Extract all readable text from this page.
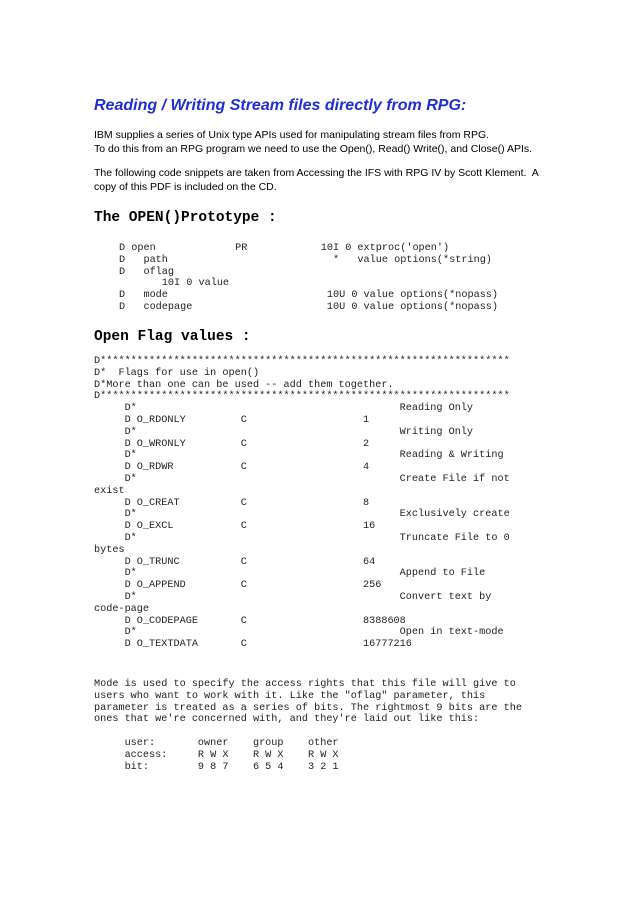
Reading / Writing Stream files directly from RPG:

IBM supplies a series of Unix type APIs used for manipulating stream files from RPG.

To do this from an RPG program we need to use the Open(), Read() Write(), and Close() APIs.

The following code snippets are taken from Accessing the IFS with RPG IV by Scott Klement.  A

copy of this PDF is included on the CD.

The OPEN()Prototype :
D open             PR            10I 0 extproc('open')
D   path                           *   value options(*string)
D   oflag
10I 0 value
D   mode                          10U 0 value options(*nopass)
D   codepage                      10U 0 value options(*nopass)
Open Flag values :
D*******************************************************************
D*  Flags for use in open()
D*More than one can be used -- add them together.
D*******************************************************************
D*                                           Reading Only
D O_RDONLY         C                   1
D*                                           Writing Only
D O_WRONLY         C                   2
D*                                           Reading & Writing
D O_RDWR           C                   4
D*                                           Create File if not
exist
D O_CREAT          C                   8
D*                                           Exclusively create
D O_EXCL           C                   16
D*                                           Truncate File to 0
bytes
D O_TRUNC          C                   64
D*                                           Append to File
D O_APPEND         C                   256
D*                                           Convert text by
code-page
D O_CODEPAGE       C                   8388608
D*                                           Open in text-mode
D O_TEXTDATA       C                   16777216
Mode is used to specify the access rights that this file will give to
users who want to work with it. Like the "oflag" parameter, this
parameter is treated as a series of bits. The rightmost 9 bits are the
ones that we're concerned with, and they're laid out like this:

user:       owner    group    other
access:     R W X    R W X    R W X
bit:        9 8 7    6 5 4    3 2 1
